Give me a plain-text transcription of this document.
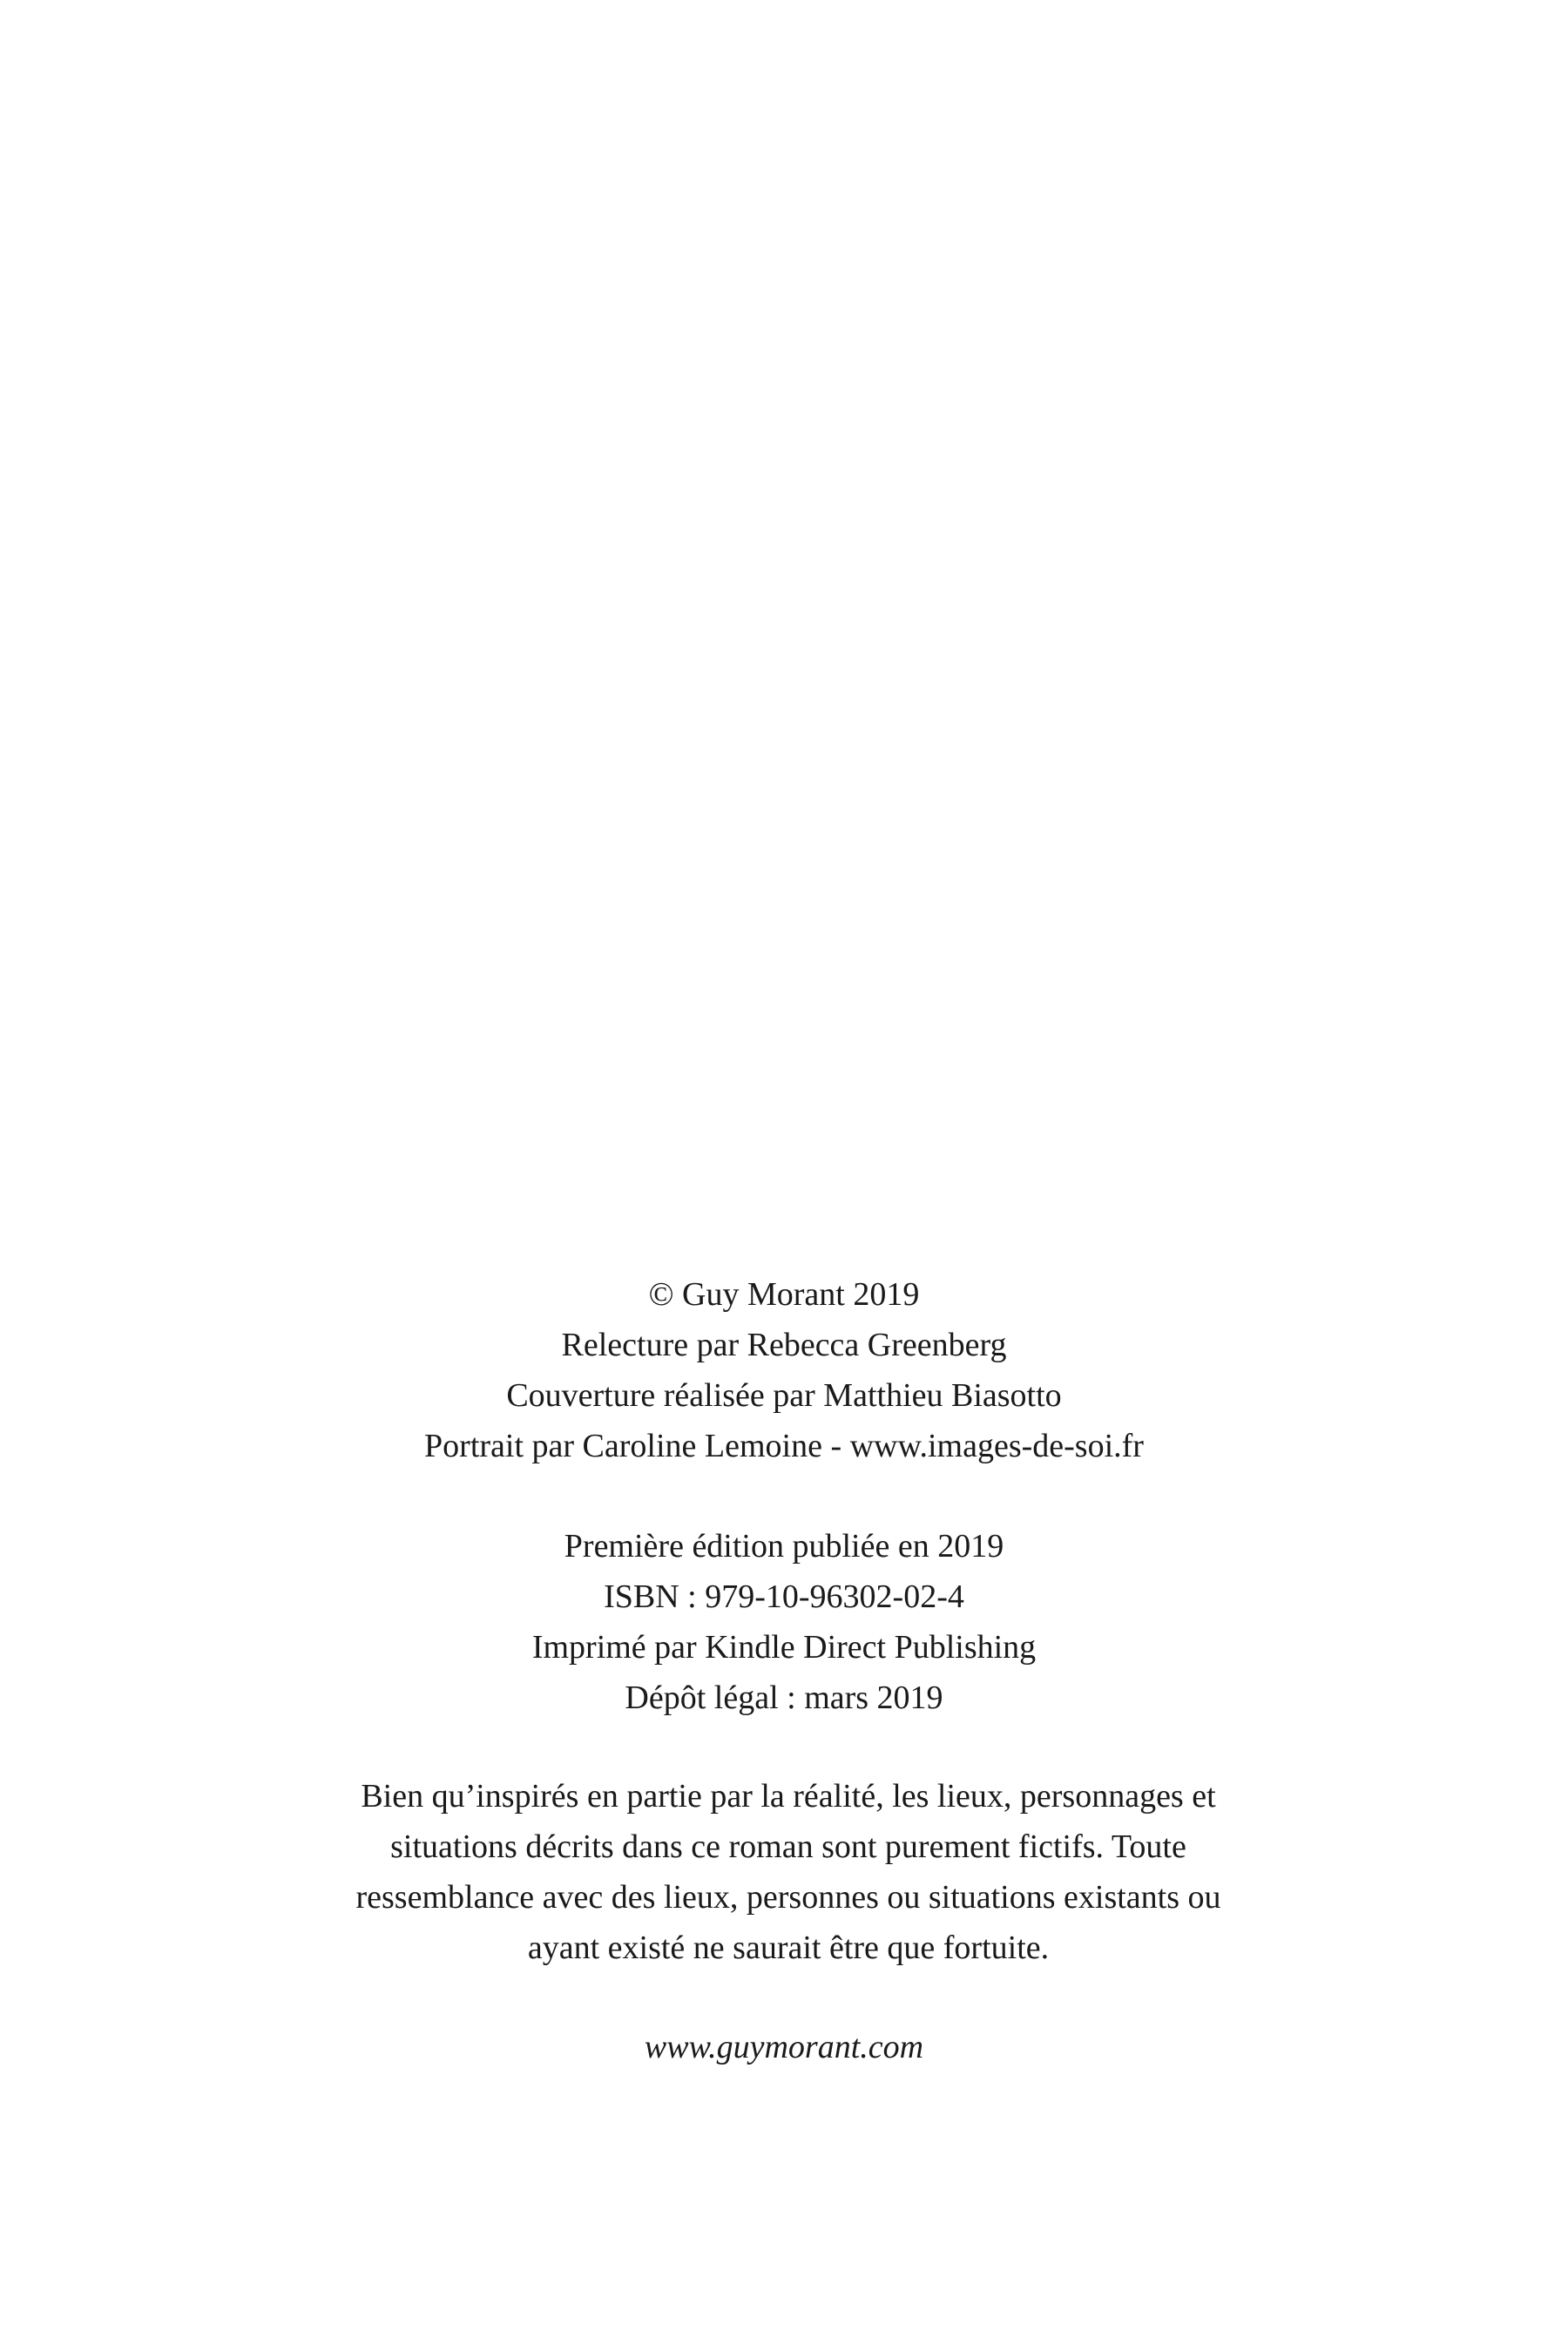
© Guy Morant 2019
Relecture par Rebecca Greenberg
Couverture réalisée par Matthieu Biasotto
Portrait par Caroline Lemoine - www.images-de-soi.fr
Première édition publiée en 2019
ISBN : 979-10-96302-02-4
Imprimé par Kindle Direct Publishing
Dépôt légal : mars 2019
Bien qu’inspirés en partie par la réalité, les lieux, personnages et situations décrits dans ce roman sont purement fictifs. Toute ressemblance avec des lieux, personnes ou situations existants ou ayant existé ne saurait être que fortuite.
www.guymorant.com
